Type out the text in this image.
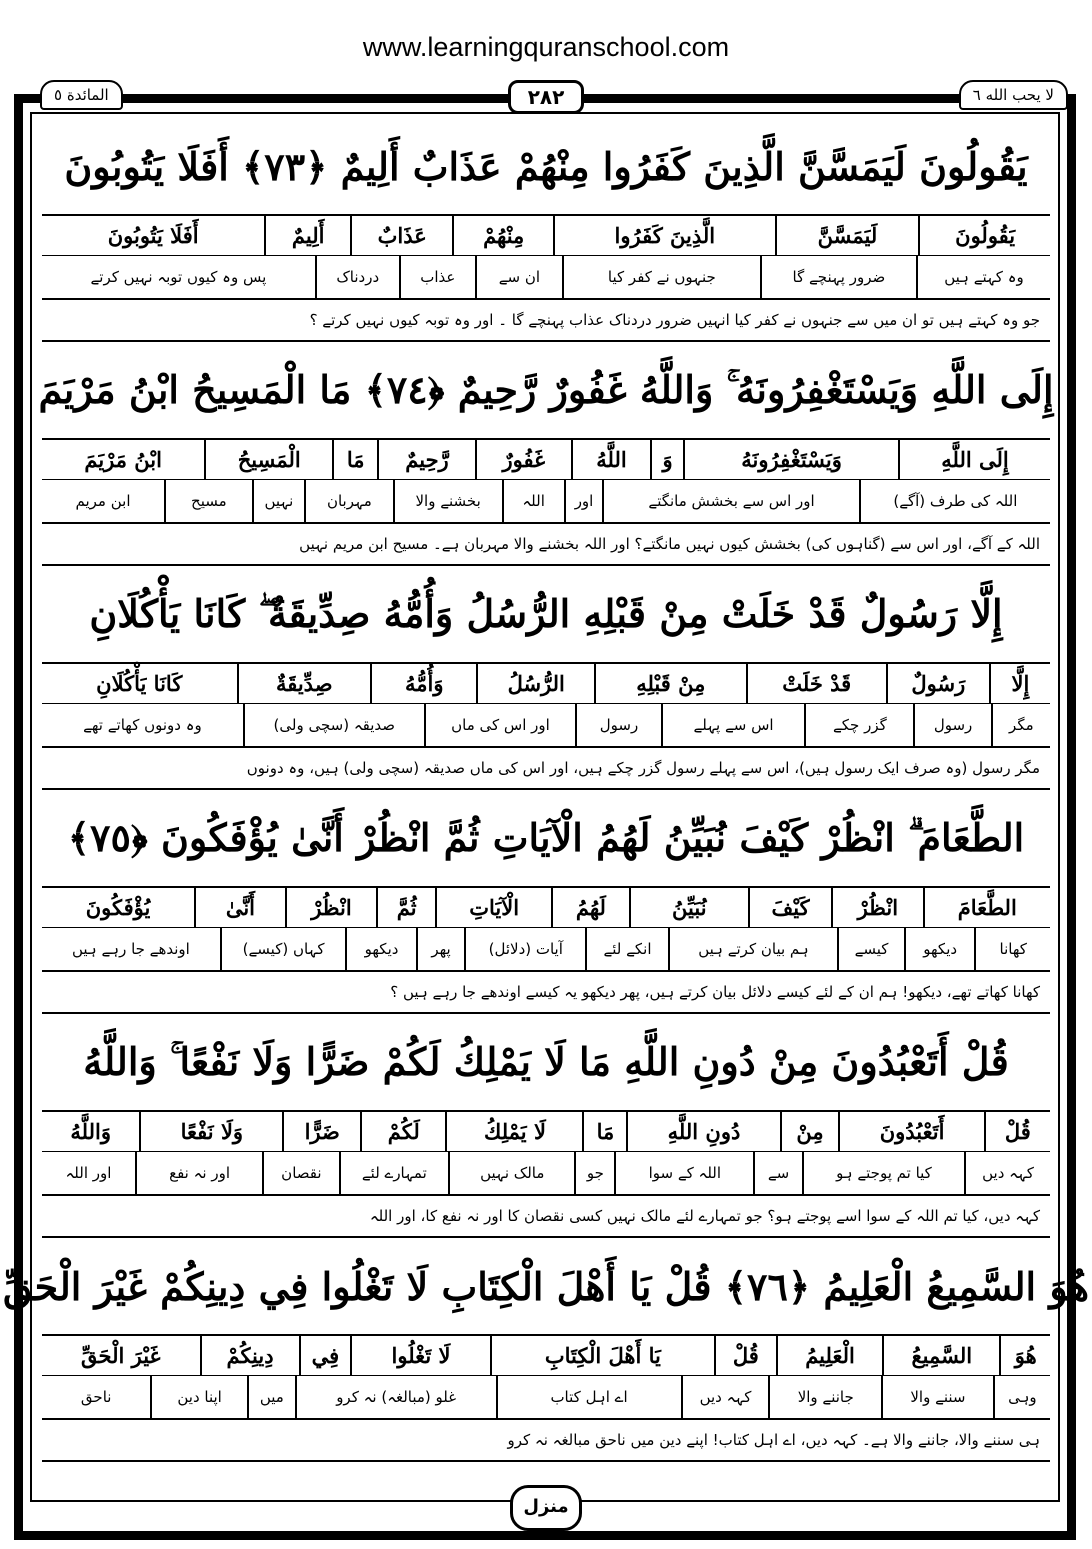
www.learningquranschool.com
المائدة ٥	لا يحب الله ٦
٢٨٢
يَقُولُونَ لَيَمَسَّنَّ الَّذِينَ كَفَرُوا مِنْهُمْ عَذَابٌ أَلِيمٌ ﴿٧٣﴾ أَفَلَا يَتُوبُونَ
يَقُولُونَ
لَيَمَسَّنَّ
الَّذِينَ كَفَرُوا
مِنْهُمْ
عَذَابٌ
أَلِيمٌ
أَفَلَا يَتُوبُونَ
وہ کہتے ہیں
ضرور پہنچے گا
جنہوں نے کفر کیا
ان سے
عذاب
دردناک
پس وہ کیوں توبہ نہیں کرتے
جو وہ کہتے ہیں تو ان میں سے جنہوں نے کفر کیا انہیں ضرور دردناک عذاب پہنچے گا ۔ اور وہ توبہ کیوں نہیں کرتے ؟
إِلَى اللَّهِ وَيَسْتَغْفِرُونَهُ ۚ وَاللَّهُ غَفُورٌ رَّحِيمٌ ﴿٧٤﴾ مَا الْمَسِيحُ ابْنُ مَرْيَمَ
إِلَى اللَّهِ
وَيَسْتَغْفِرُونَهُ
وَ
اللَّهُ
غَفُورٌ
رَّحِيمٌ
مَا
الْمَسِيحُ
ابْنُ مَرْيَمَ
اللہ کی طرف (آگے)
اور اس سے بخشش مانگتے
اور
اللہ
بخشنے والا
مہربان
نہیں
مسیح
ابن مریم
اللہ کے آگے، اور اس سے (گناہوں کی) بخشش کیوں نہیں مانگتے؟ اور اللہ بخشنے والا مہربان ہے۔ مسیح ابن مریم نہیں
إِلَّا رَسُولٌ قَدْ خَلَتْ مِنْ قَبْلِهِ الرُّسُلُ وَأُمُّهُ صِدِّيقَةٌ ۖ كَانَا يَأْكُلَانِ
إِلَّا
رَسُولٌ
قَدْ خَلَتْ
مِنْ قَبْلِهِ
الرُّسُلُ
وَأُمُّهُ
صِدِّيقَةٌ
كَانَا يَأْكُلَانِ
مگر
رسول
گزر چکے
اس سے پہلے
رسول
اور اس کی ماں
صدیقہ (سچی ولی)
وہ دونوں کھاتے تھے
مگر رسول (وہ صرف ایک رسول ہیں)، اس سے پہلے رسول گزر چکے ہیں، اور اس کی ماں صدیقہ (سچی ولی) ہیں، وہ دونوں
الطَّعَامَ ۗ انْظُرْ كَيْفَ نُبَيِّنُ لَهُمُ الْآيَاتِ ثُمَّ انْظُرْ أَنَّىٰ يُؤْفَكُونَ ﴿٧٥﴾
الطَّعَامَ
انْظُرْ
كَيْفَ
نُبَيِّنُ
لَهُمُ
الْآيَاتِ
ثُمَّ
انْظُرْ
أَنَّىٰ
يُؤْفَكُونَ
کھانا
دیکھو
کیسے
ہم بیان کرتے ہیں
انکے لئے
آیات (دلائل)
پھر
دیکھو
کہاں (کیسے)
اوندھے جا رہے ہیں
کھانا کھاتے تھے، دیکھو! ہم ان کے لئے کیسے دلائل بیان کرتے ہیں، پھر دیکھو یہ کیسے اوندھے جا رہے ہیں ؟
قُلْ أَتَعْبُدُونَ مِنْ دُونِ اللَّهِ مَا لَا يَمْلِكُ لَكُمْ ضَرًّا وَلَا نَفْعًا ۚ وَاللَّهُ
قُلْ
أَتَعْبُدُونَ
مِنْ
دُونِ اللَّهِ
مَا
لَا يَمْلِكُ
لَكُمْ
ضَرًّا
وَلَا نَفْعًا
وَاللَّهُ
کہہ دیں
کیا تم پوجتے ہو
سے
اللہ کے سوا
جو
مالک نہیں
تمہارے لئے
نقصان
اور نہ نفع
اور اللہ
کہہ دیں، کیا تم اللہ کے سوا اسے پوجتے ہو؟ جو تمہارے لئے مالک نہیں کسی نقصان کا اور نہ نفع کا، اور اللہ
هُوَ السَّمِيعُ الْعَلِيمُ ﴿٧٦﴾ قُلْ يَا أَهْلَ الْكِتَابِ لَا تَغْلُوا فِي دِينِكُمْ غَيْرَ الْحَقِّ
هُوَ
السَّمِيعُ
الْعَلِيمُ
قُلْ
يَا أَهْلَ الْكِتَابِ
لَا تَغْلُوا
فِي
دِينِكُمْ
غَيْرَ الْحَقِّ
وہی
سننے والا
جاننے والا
کہہ دیں
اے اہل کتاب
غلو (مبالغہ) نہ کرو
میں
اپنا دین
ناحق
ہی سننے والا، جاننے والا ہے۔ کہہ دیں، اے اہل کتاب! اپنے دین میں ناحق مبالغہ نہ کرو
منزل
